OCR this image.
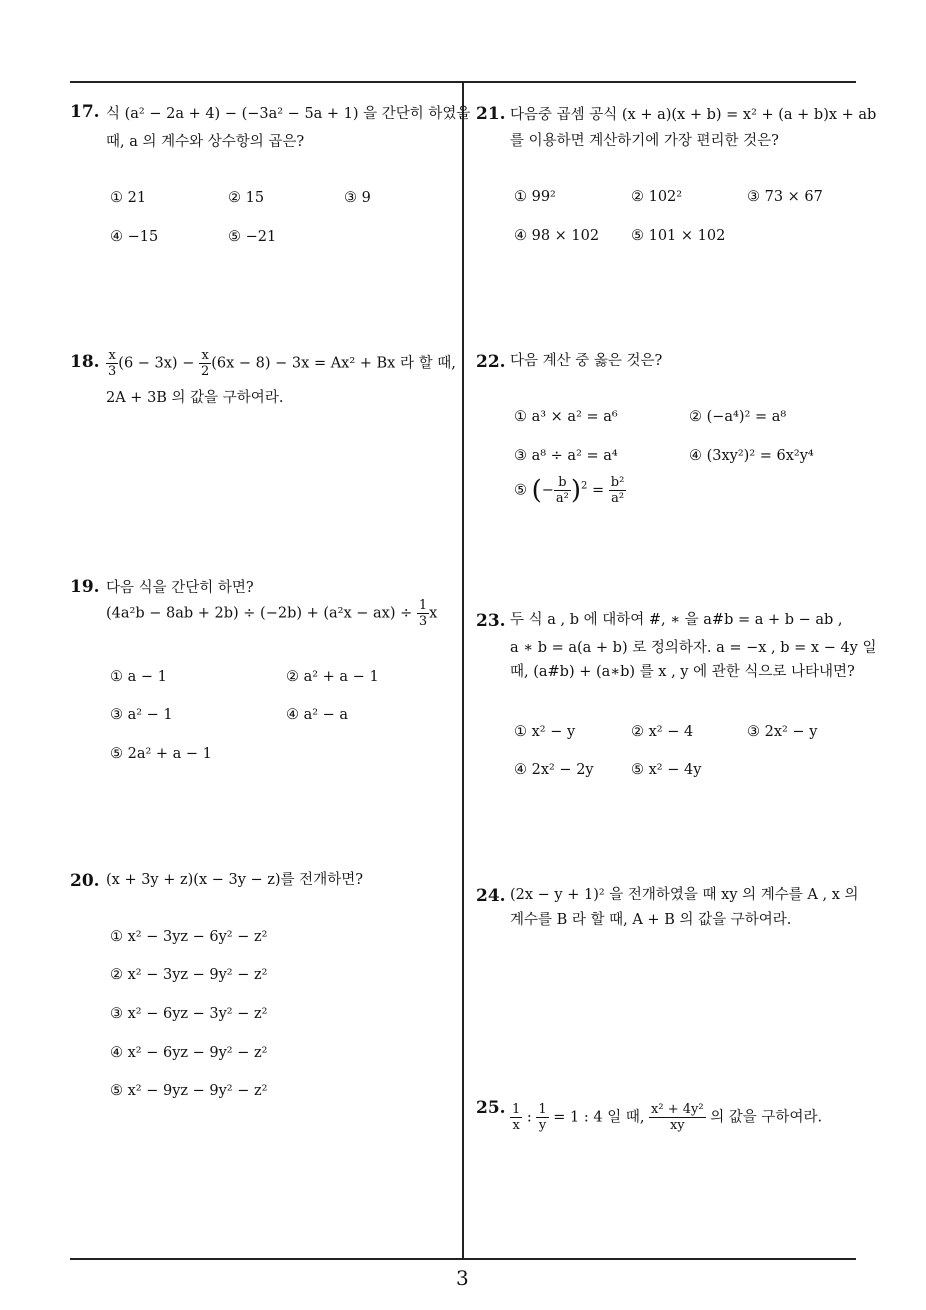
17. 식 (a² − 2a + 4) − (−3a² − 5a + 1) 을 간단히 하였을
때, a 의 계수와 상수항의 곱은?
① 21	② 15	③ 9
④ −15	⑤ −21
18. $\frac{x}{3} (6 - 3x) - \frac{x}{2} (6x - 8) - 3x = Ax^2 + Bx$ 라 할 때,
2A + 3B 의 값을 구하여라.
19. 다음 식을 간단히 하면?
$(4a^2b - 8ab + 2b) \div (-2b) + (a^2x - ax) \div \frac{1}{3}$ x
① a − 1	② a² + a − 1
③ a² − 1	④ a² − a
⑤ 2a² + a − 1
20. (x + 3y + z)(x − 3y − z)를 전개하면?
① x² − 3yz − 6y² − z²
② x² − 3yz − 9y² − z²
③ x² − 6yz − 3y² − z²
④ x² − 6yz − 9y² − z²
⑤ x² − 9yz − 9y² − z²
21. 다음중 곱셈 공식 (x + a)(x + b) = x² + (a + b)x + ab
를 이용하면 계산하기에 가장 편리한 것은?
① 99²	② 102²	③ 73 × 67
④ 98 × 102 ⑤ 101 × 102
22. 다음 계산 중 옳은 것은?
① a³ × a² = a⁶	② (−a⁴)² = a⁸
③ a⁸ ÷ a² = a⁴	④ (3xy²)² = 6x²y⁴
⑤ (− $\frac{b}{\text{a²}} )^2 = \frac{\text{b²}}{\text{a²}}$
23. 두 식 a , b 에 대하여 #, ∗ 을 a#b = a + b − ab ,
a ∗ b = a(a + b) 로 정의하자. a = −x , b = x − 4y 일
때, (a#b) + (a∗b) 를 x , y 에 관한 식으로 나타내면?
① x² − y	② x² − 4	③ 2x² − y
④ 2x² − 2y	⑤ x² − 4y
24. (2x − y + 1)² 을 전개하였을 때 xy 의 계수를 A , x 의
계수를 B 라 할 때, A + B 의 값을 구하여라.
25. $\frac{1}{x}$ : $\frac{1}{y} = 1$ : 4 일 때, $\frac{\text{x² + 4y²}}{xy}$ 의 값을 구하여라.
3
